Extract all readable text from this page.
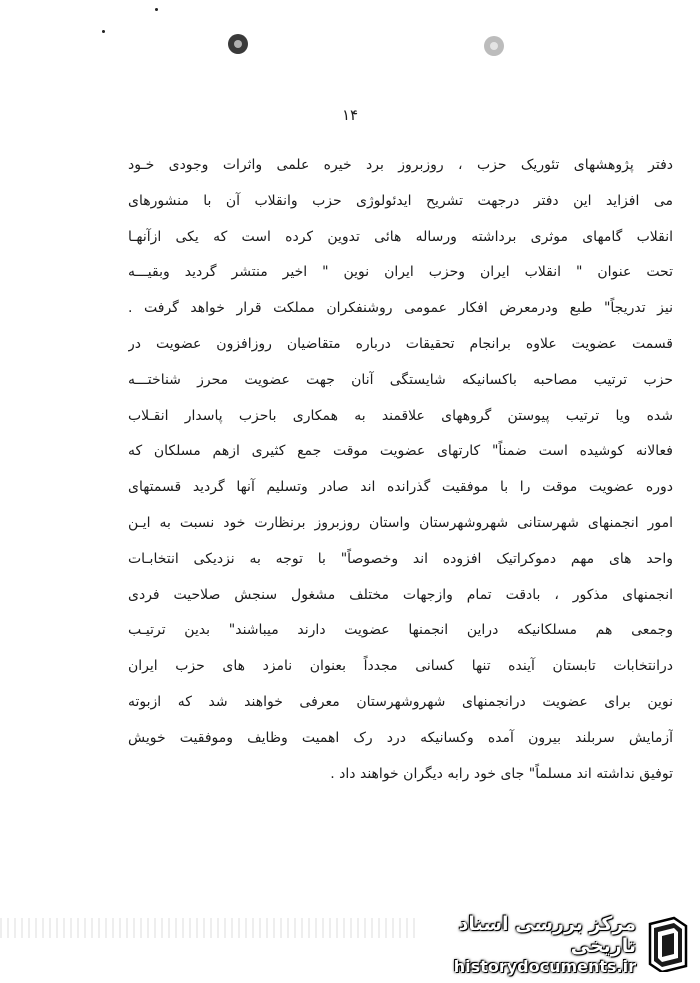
۱۴
دفتر پژوهشهای تئوریک حزب ، روزبروز برد خیره علمی واثرات وجودی خـود
می افزاید این دفتر درجهت تشریح ایدئولوژی حزب وانقلاب آن با منشورهای
انقلاب گامهای موثری برداشته ورساله هائی تدوین کرده است که یکی ازآنهـا
تحت عنوان " انقلاب ایران وحزب ایران نوین " اخیر منتشر گردید وبقیـــه
نیز تدریجاً" طبع ودرمعرض افکار عمومی روشنفکران مملکت قرار خواهد گرفت .
قسمت عضویت علاوه برانجام تحقیقات درباره متقاضیان روزافزون عضویت در
حزب ترتیب مصاحبه باکسانیکه شایستگی آنان جهت عضویت محرز شناختـــه
شده ویا ترتیب پیوستن گروههای علاقمند به همکاری باحزب پاسدار انقـلاب
فعالانه کوشیده است ضمناً" کارتهای عضویت موقت جمع کثیری ازهم مسلکان که
دوره عضویت موقت را با موفقیت گذرانده اند صادر وتسلیم آنها گردید قسمتهای
امور انجمنهای شهرستانی شهروشهرستان واستان روزبروز برنظارت خود نسبت به ایـن
واحد های مهم دموکراتیک افزوده اند وخصوصاً" با توجه به نزدیکی انتخابـات
انجمنهای مذکور ، بادقت تمام وازجهات مختلف مشغول سنجش صلاحیت فردی
وجمعی هم مسلکانیکه دراین انجمنها عضویت دارند میباشند" بدین ترتیـب
درانتخابات تابستان آینده تنها کسانی مجدداً بعنوان نامزد های حزب ایران
نوین برای عضویت درانجمنهای شهروشهرستان معرفی خواهند شد که ازبوته
آزمایش سربلند بیرون آمده وکسانیکه درد رک اهمیت وظایف وموفقیت خویش
توفیق نداشته اند مسلماً" جای خود رابه دیگران خواهند داد .
مرکز بررسی اسناد تاریخی
historydocuments.ir
